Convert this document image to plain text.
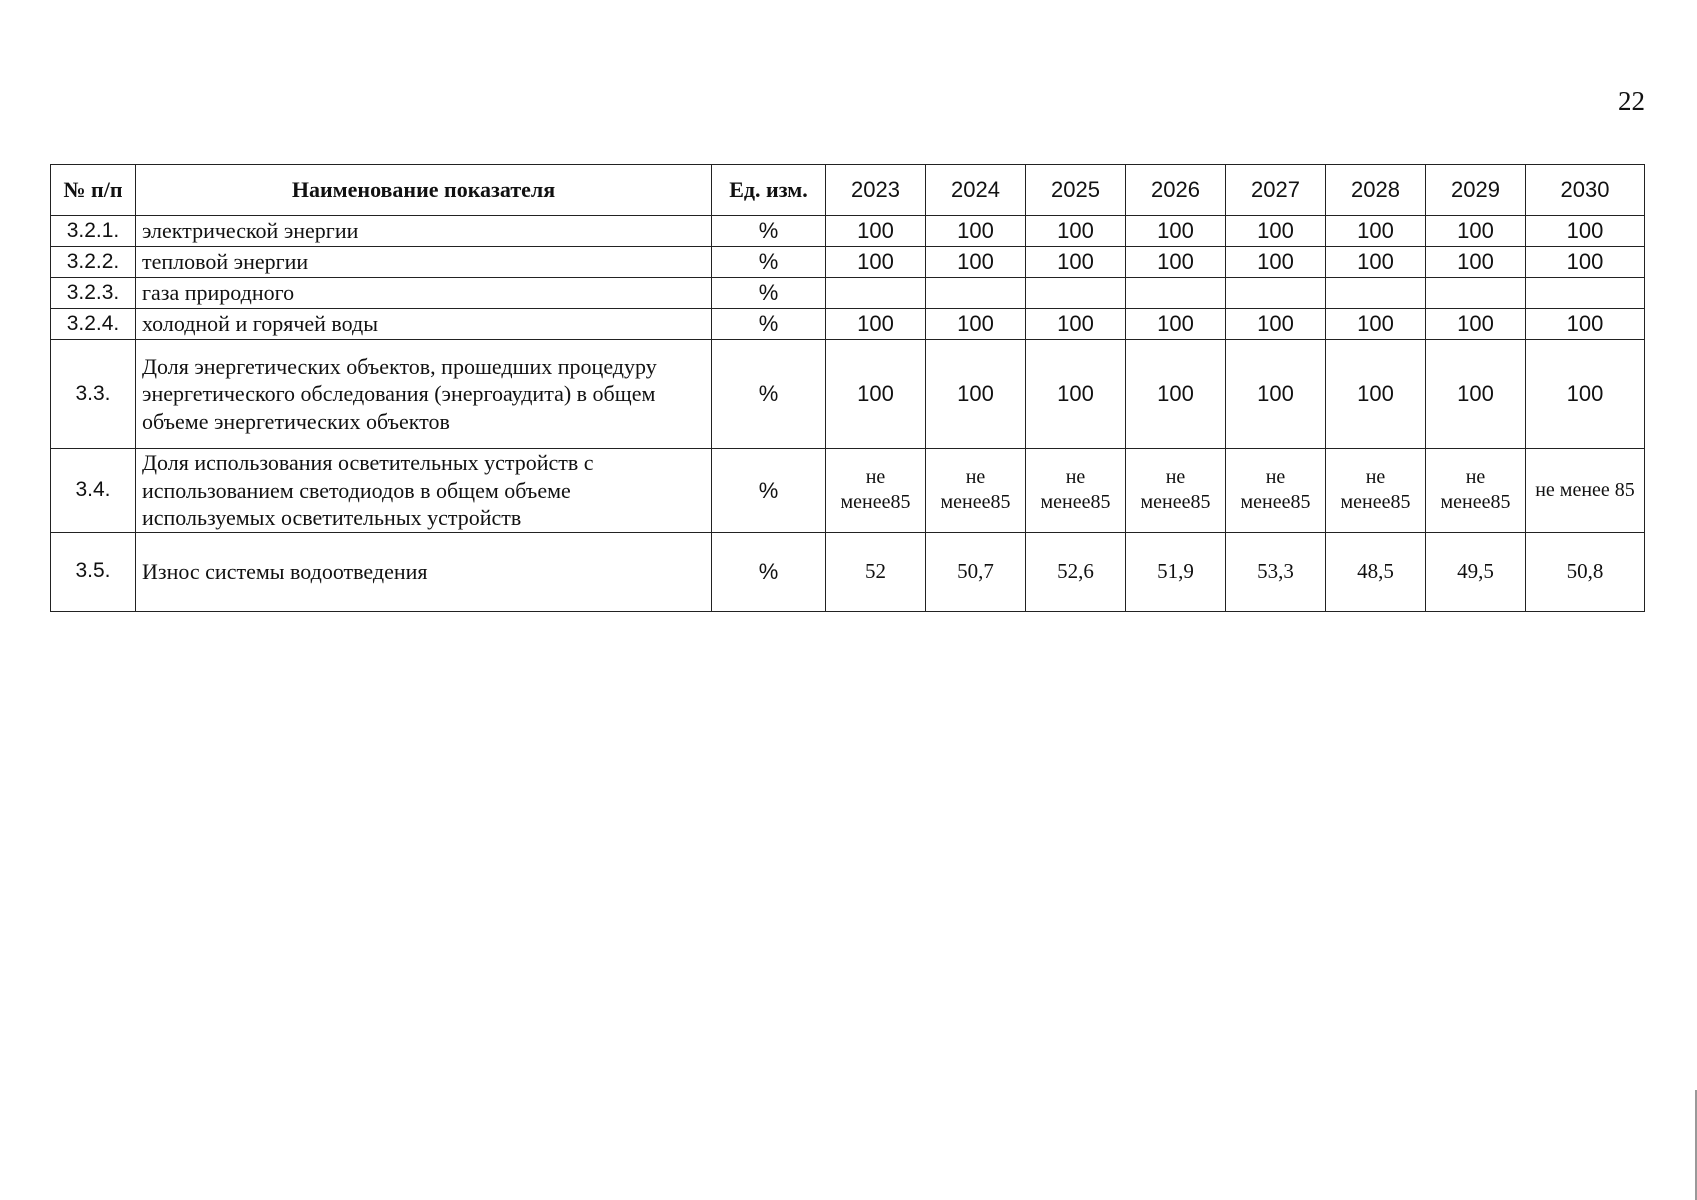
22
№ п/п	Наименование показателя	Ед. изм.	2023	2024	2025	2026	2027	2028	2029	2030
3.2.1.	электрической энергии	%	100	100	100	100	100	100	100	100
3.2.2.	тепловой энергии	%	100	100	100	100	100	100	100	100
3.2.3.	газа природного	%								
3.2.4.	холодной и горячей воды	%	100	100	100	100	100	100	100	100
3.3.	Доля энергетических объектов, прошедших процедуру энергетического обследования (энергоаудита) в общем объеме энергетических объектов	%	100	100	100	100	100	100	100	100
3.4.	Доля использования осветительных устройств с использованием светодиодов в общем объеме используемых осветительных устройств	%	не менее85	не менее85	не менее85	не менее85	не менее85	не менее85	не менее85	не менее 85
3.5.	Износ системы водоотведения	%	52	50,7	52,6	51,9	53,3	48,5	49,5	50,8
